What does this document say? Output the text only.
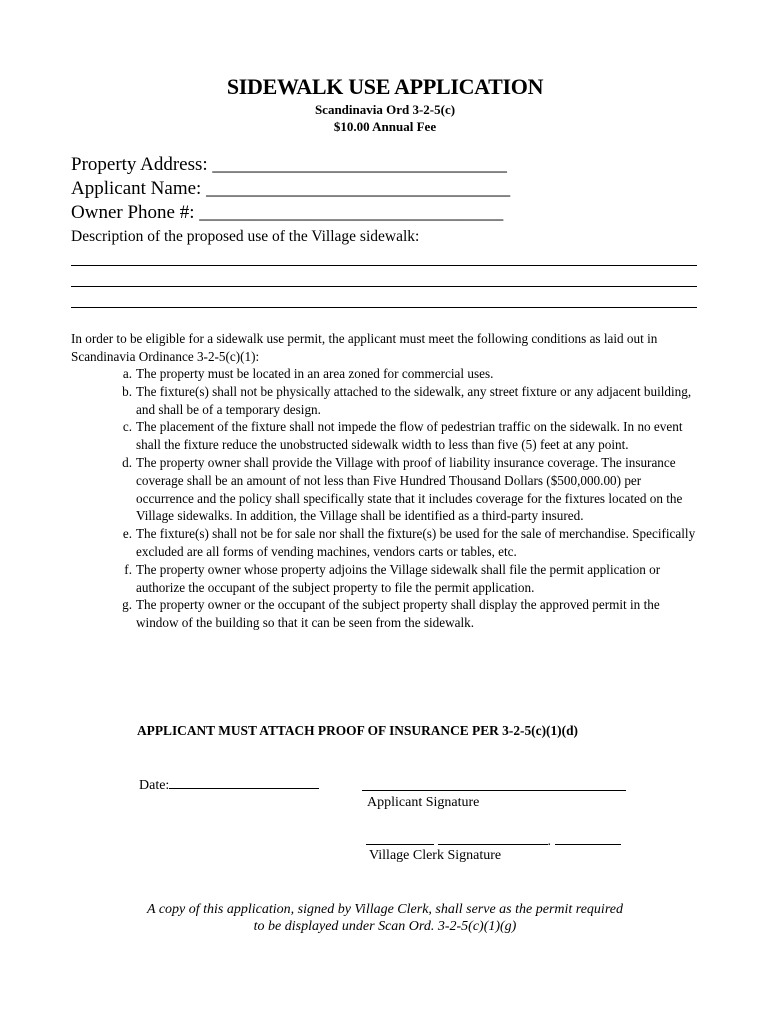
SIDEWALK USE APPLICATION
Scandinavia Ord 3-2-5(c)
$10.00 Annual Fee
Property Address: _______________________________
Applicant Name: ________________________________
Owner Phone #: ________________________________
Description of the proposed use of the Village sidewalk:
In order to be eligible for a sidewalk use permit, the applicant must meet the following conditions as laid out in Scandinavia Ordinance 3-2-5(c)(1):
a. The property must be located in an area zoned for commercial uses.
b. The fixture(s) shall not be physically attached to the sidewalk, any street fixture or any adjacent building, and shall be of a temporary design.
c. The placement of the fixture shall not impede the flow of pedestrian traffic on the sidewalk. In no event shall the fixture reduce the unobstructed sidewalk width to less than five (5) feet at any point.
d. The property owner shall provide the Village with proof of liability insurance coverage. The insurance coverage shall be an amount of not less than Five Hundred Thousand Dollars ($500,000.00) per occurrence and the policy shall specifically state that it includes coverage for the fixtures located on the Village sidewalks. In addition, the Village shall be identified as a third-party insured.
e. The fixture(s) shall not be for sale nor shall the fixture(s) be used for the sale of merchandise. Specifically excluded are all forms of vending machines, vendors carts or tables, etc.
f. The property owner whose property adjoins the Village sidewalk shall file the permit application or authorize the occupant of the subject property to file the permit application.
g. The property owner or the occupant of the subject property shall display the approved permit in the window of the building so that it can be seen from the sidewalk.
APPLICANT MUST ATTACH PROOF OF INSURANCE PER 3-2-5(c)(1)(d)
Date:
Applicant Signature
.
Village Clerk Signature
A copy of this application, signed by Village Clerk, shall serve as the permit required
to be displayed under Scan Ord. 3-2-5(c)(1)(g)
